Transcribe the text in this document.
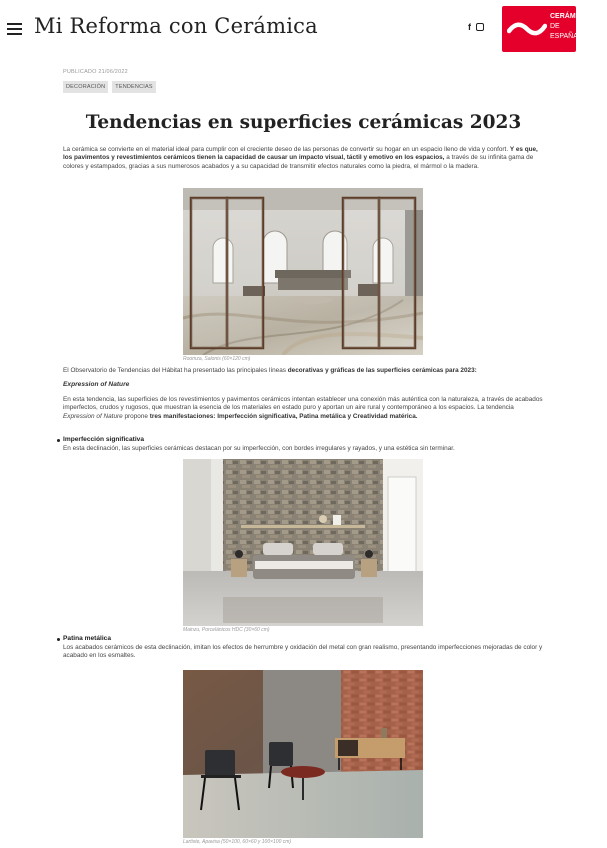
Mi Reforma con Cerámica	f
CERÁMICA
DE
ESPAÑA
PUBLICADO 21/06/2022
DECORACIÓN	TENDENCIAS
Tendencias en superficies cerámicas 2023

La cerámica se convierte en el material ideal para cumplir con el creciente deseo de las personas de convertir su hogar en un espacio lleno de vida y confort. Y es que, los pavimentos y revestimientos cerámicos tienen la capacidad de causar un impacto visual, táctil y emotivo en los espacios, a través de su infinita gama de colores y estampados, gracias a sus numerosos acabados y a su capacidad de transmitir efectos naturales como la piedra, el mármol o la madera.

Roomza, Salonis (60×120 cm)

El Observatorio de Tendencias del Hábitat ha presentado las principales líneas decorativas y gráficas de las superficies cerámicas para 2023:

Expression of Nature

En esta tendencia, las superficies de los revestimientos y pavimentos cerámicos intentan establecer una conexión más auténtica con la naturaleza, a través de acabados imperfectos, crudos y rugosos, que muestran la esencia de los materiales en estado puro y aportan un aire rural y contemporáneo a los espacios. La tendencia Expression of Nature propone tres manifestaciones: Imperfección significativa, Patina metálica y Creatividad matérica.

Imperfección significativa

En esta declinación, las superficies cerámicas destacan por su imperfección, con bordes irregulares y rayados, y una estética sin terminar.

Mainzu, Porcelánicos HDC (30×60 cm)
Patina metálica

Los acabados cerámicos de esta declinación, imitan los efectos de herrumbre y oxidación del metal con gran realismo, presentando imperfecciones mejoradas de color y acabado en los esmaltes.

Lartiste, Apavisa (50×100, 60×60 y 100×100 cm)
